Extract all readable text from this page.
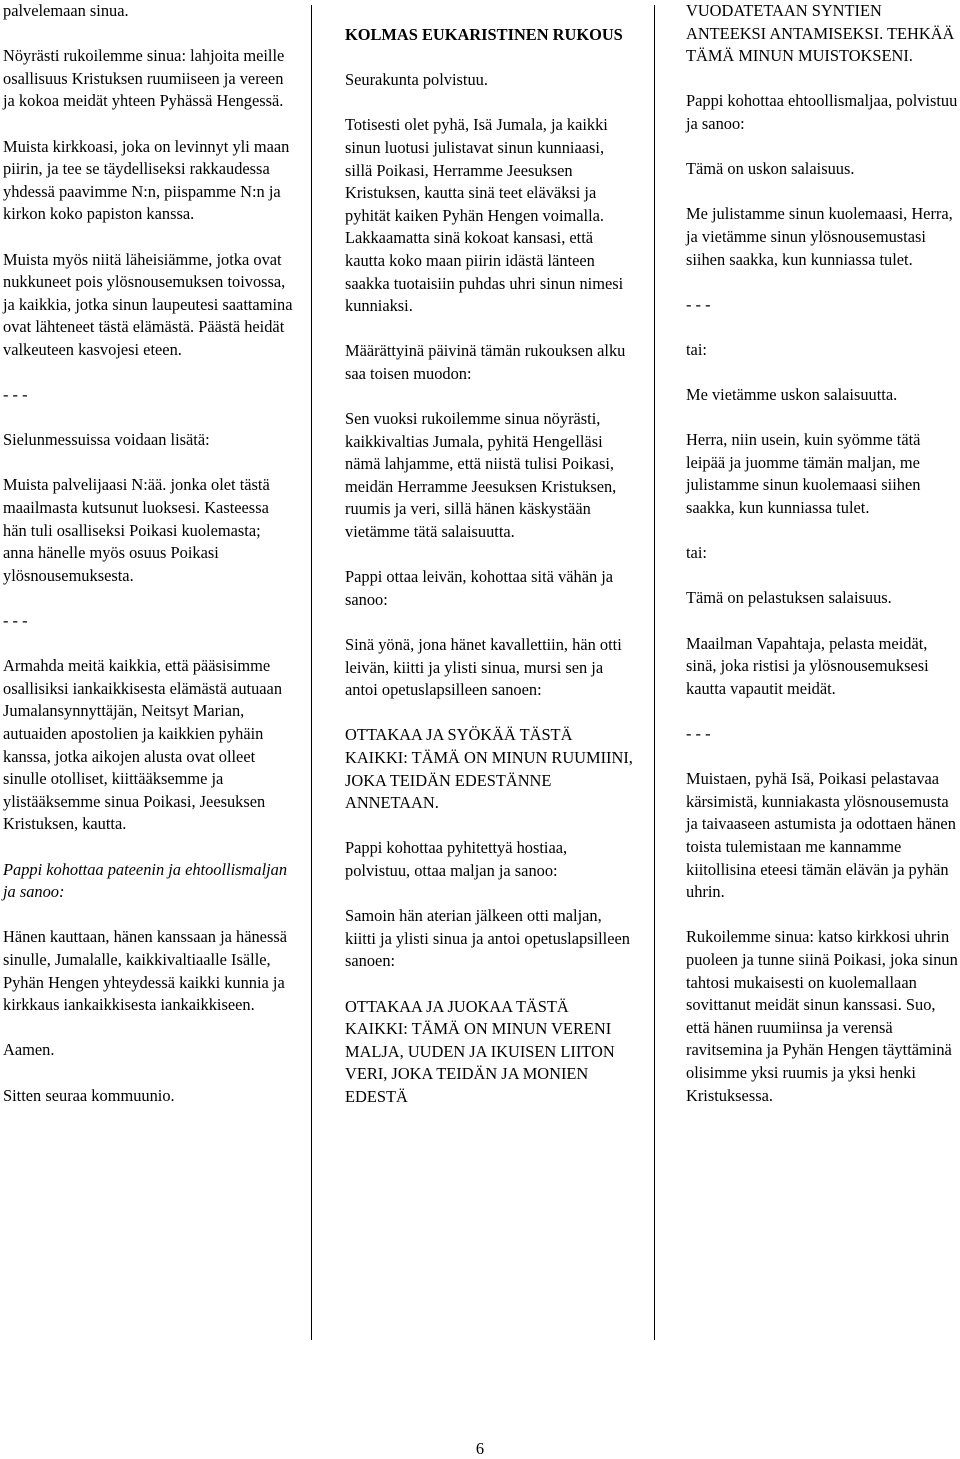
palvelemaan sinua.

Nöyrästi rukoilemme sinua: lahjoita meille osallisuus Kristuksen ruumiiseen ja vereen ja kokoa meidät yhteen Pyhässä Hengessä.

Muista kirkkoasi, joka on levinnyt yli maan piirin, ja tee se täydelliseksi rakkaudessa yhdessä paavimme N:n, piispamme N:n ja kirkon koko papiston kanssa.

Muista myös niitä läheisiämme, jotka ovat nukkuneet pois ylösnousemuksen toivossa, ja kaikkia, jotka sinun laupeutesi saattamina ovat lähteneet tästä elämästä. Päästä heidät valkeuteen kasvojesi eteen.

- - -

Sielunmessuissa voidaan lisätä:

Muista palvelijaasi N:ää. jonka olet tästä maailmasta kutsunut luoksesi. Kasteessa hän tuli osalliseksi Poikasi kuolemasta; anna hänelle myös osuus Poikasi ylösnousemuksesta.

- - -

Armahda meitä kaikkia, että pääsisimme osallisiksi iankaikkisesta elämästä autuaan Jumalansynnyttäjän, Neitsyt Marian, autuaiden apostolien ja kaikkien pyhäin kanssa, jotka aikojen alusta ovat olleet sinulle otolliset, kiittääksemme ja ylistääksemme sinua Poikasi, Jeesuksen Kristuksen, kautta.

Pappi kohottaa pateenin ja ehtoollismaljan ja sanoo:

Hänen kauttaan, hänen kanssaan ja hänessä sinulle, Jumalalle, kaikkivaltiaalle Isälle, Pyhän Hengen yhteydessä kaikki kunnia ja kirkkaus iankaikkisesta iankaikkiseen.

Aamen.

Sitten seuraa kommuunio.

KOLMAS EUKARISTINEN RUKOUS

Seurakunta polvistuu.

Totisesti olet pyhä, Isä Jumala, ja kaikki sinun luotusi julistavat sinun kunniaasi, sillä Poikasi, Herramme Jeesuksen Kristuksen, kautta sinä teet eläväksi ja pyhität kaiken Pyhän Hengen voimalla. Lakkaamatta sinä kokoat kansasi, että kautta koko maan piirin idästä länteen saakka tuotaisiin puhdas uhri sinun nimesi kunniaksi.

Määrättyinä päivinä tämän rukouksen alku saa toisen muodon:

Sen vuoksi rukoilemme sinua nöyrästi, kaikkivaltias Jumala, pyhitä Hengelläsi nämä lahjamme, että niistä tulisi Poikasi, meidän Herramme Jeesuksen Kristuksen, ruumis ja veri, sillä hänen käskystään vietämme tätä salaisuutta.

Pappi ottaa leivän, kohottaa sitä vähän ja sanoo:

Sinä yönä, jona hänet kavallettiin, hän otti leivän, kiitti ja ylisti sinua, mursi sen ja antoi opetuslapsilleen sanoen:

OTTAKAA JA SYÖKÄÄ TÄSTÄ KAIKKI: TÄMÄ ON MINUN RUUMIINI, JOKA TEIDÄN EDESTÄNNE ANNETAAN.

Pappi kohottaa pyhitettyä hostiaa, polvistuu, ottaa maljan ja sanoo:

Samoin hän aterian jälkeen otti maljan, kiitti ja ylisti sinua ja antoi opetuslapsilleen sanoen:

OTTAKAA JA JUOKAA TÄSTÄ KAIKKI: TÄMÄ ON MINUN VERENI MALJA, UUDEN JA IKUISEN LIITON VERI, JOKA TEIDÄN JA MONIEN EDESTÄ

VUODATETAAN SYNTIEN ANTEEKSI ANTAMISEKSI. TEHKÄÄ TÄMÄ MINUN MUISTOKSENI.

Pappi kohottaa ehtoollismaljaa, polvistuu ja sanoo:

Tämä on uskon salaisuus.

Me julistamme sinun kuolemaasi, Herra, ja vietämme sinun ylösnousemustasi siihen saakka, kun kunniassa tulet.

- - -

tai:

Me vietämme uskon salaisuutta.

Herra, niin usein, kuin syömme tätä leipää ja juomme tämän maljan, me julistamme sinun kuolemaasi siihen saakka, kun kunniassa tulet.

tai:

Tämä on pelastuksen salaisuus.

Maailman Vapahtaja, pelasta meidät, sinä, joka ristisi ja ylösnousemuksesi kautta vapautit meidät.

- - -

Muistaen, pyhä Isä, Poikasi pelastavaa kärsimistä, kunniakasta ylösnousemusta ja taivaaseen astumista ja odottaen hänen toista tulemistaan me kannamme kiitollisina eteesi tämän elävän ja pyhän uhrin.

Rukoilemme sinua: katso kirkkosi uhrin puoleen ja tunne siinä Poikasi, joka sinun tahtosi mukaisesti on kuolemallaan sovittanut meidät sinun kanssasi. Suo, että hänen ruumiinsa ja verensä ravitsemina ja Pyhän Hengen täyttäminä olisimme yksi ruumis ja yksi henki Kristuksessa.

6
